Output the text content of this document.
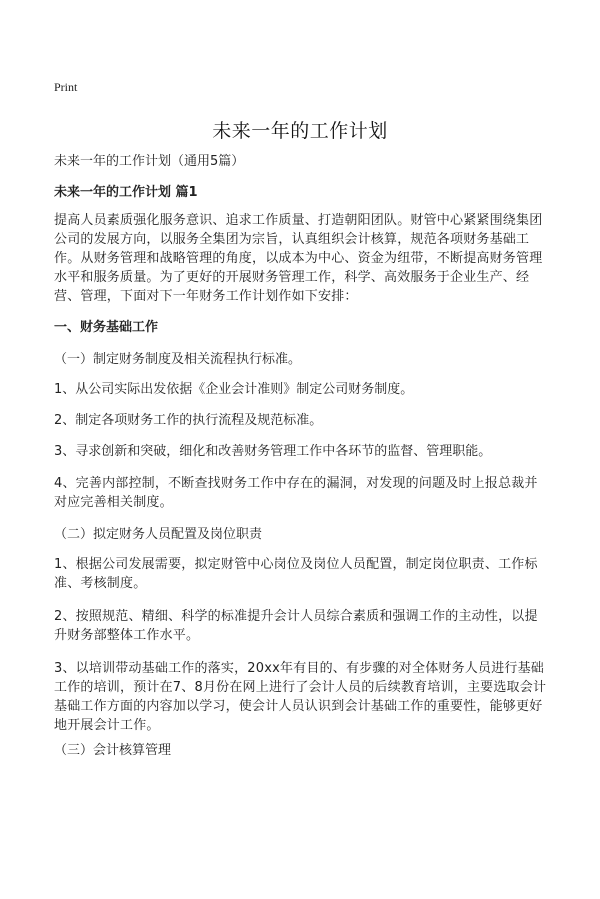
Print
未来一年的工作计划
未来一年的工作计划（通用5篇）
未来一年的工作计划 篇1
提高人员素质强化服务意识、追求工作质量、打造朝阳团队。财管中心紧紧围绕集团公司的发展方向，以服务全集团为宗旨，认真组织会计核算，规范各项财务基础工作。从财务管理和战略管理的角度，以成本为中心、资金为纽带，不断提高财务管理水平和服务质量。为了更好的开展财务管理工作，科学、高效服务于企业生产、经营、管理，下面对下一年财务工作计划作如下安排：
一、财务基础工作
（一）制定财务制度及相关流程执行标准。
1、从公司实际出发依据《企业会计准则》制定公司财务制度。
2、制定各项财务工作的执行流程及规范标准。
3、寻求创新和突破，细化和改善财务管理工作中各环节的监督、管理职能。
4、完善内部控制，不断查找财务工作中存在的漏洞，对发现的问题及时上报总裁并对应完善相关制度。
（二）拟定财务人员配置及岗位职责
1、根据公司发展需要，拟定财管中心岗位及岗位人员配置，制定岗位职责、工作标准、考核制度。
2、按照规范、精细、科学的标准提升会计人员综合素质和强调工作的主动性，以提升财务部整体工作水平。
3、以培训带动基础工作的落实，20xx年有目的、有步骤的对全体财务人员进行基础工作的培训，预计在7、8月份在网上进行了会计人员的后续教育培训，主要选取会计基础工作方面的内容加以学习，使会计人员认识到会计基础工作的重要性，能够更好地开展会计工作。
（三）会计核算管理
